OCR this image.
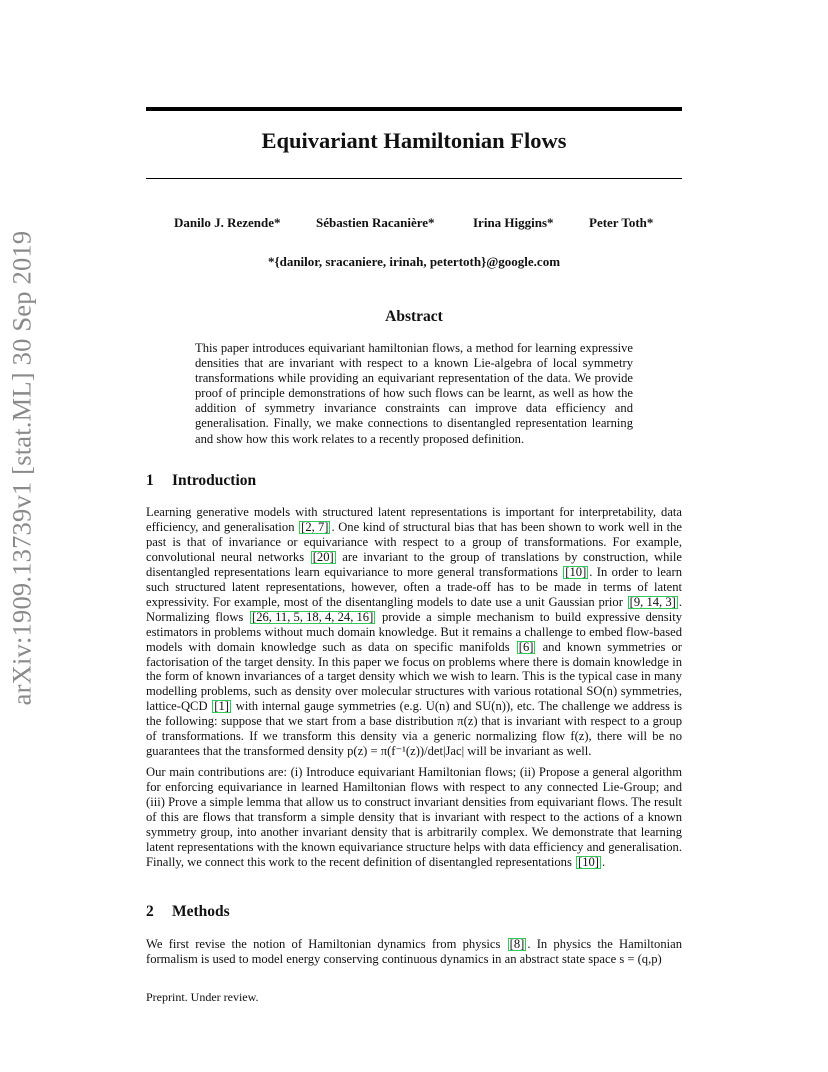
arXiv:1909.13739v1 [stat.ML] 30 Sep 2019
Equivariant Hamiltonian Flows
Danilo J. Rezende*	Sébastien Racanière*	Irina Higgins*	Peter Toth*
*{danilor, sracaniere, irinah, petertoth}@google.com
Abstract
This paper introduces equivariant hamiltonian flows, a method for learning expressive densities that are invariant with respect to a known Lie-algebra of local symmetry transformations while providing an equivariant representation of the data. We provide proof of principle demonstrations of how such flows can be learnt, as well as how the addition of symmetry invariance constraints can improve data efficiency and generalisation. Finally, we make connections to disentangled representation learning and show how this work relates to a recently proposed definition.
1 Introduction
Learning generative models with structured latent representations is important for interpretability, data efficiency, and generalisation [2, 7] . One kind of structural bias that has been shown to work well in the past is that of invariance or equivariance with respect to a group of transformations. For example, convolutional neural networks [20] are invariant to the group of translations by construction, while disentangled representations learn equivariance to more general transformations [10] . In order to learn such structured latent representations, however, often a trade-off has to be made in terms of latent expressivity. For example, most of the disentangling models to date use a unit Gaussian prior [9, 14, 3] . Normalizing flows [26, 11, 5, 18, 4, 24, 16] provide a simple mechanism to build expressive density estimators in problems without much domain knowledge. But it remains a challenge to embed flow-based models with domain knowledge such as data on specific manifolds [6] and known symmetries or factorisation of the target density. In this paper we focus on problems where there is domain knowledge in the form of known invariances of a target density which we wish to learn. This is the typical case in many modelling problems, such as density over molecular structures with various rotational SO(n) symmetries, lattice-QCD [1] with internal gauge symmetries (e.g. U(n) and SU(n)), etc. The challenge we address is the following: suppose that we start from a base distribution π(z) that is invariant with respect to a group of transformations. If we transform this density via a generic normalizing flow f(z), there will be no guarantees that the transformed density p(z) = π(f⁻¹(z))/det|Jac| will be invariant as well.
Our main contributions are: (i) Introduce equivariant Hamiltonian flows; (ii) Propose a general algorithm for enforcing equivariance in learned Hamiltonian flows with respect to any connected Lie-Group; and (iii) Prove a simple lemma that allow us to construct invariant densities from equivariant flows. The result of this are flows that transform a simple density that is invariant with respect to the actions of a known symmetry group, into another invariant density that is arbitrarily complex. We demonstrate that learning latent representations with the known equivariance structure helps with data efficiency and generalisation. Finally, we connect this work to the recent definition of disentangled representations [10] .
2 Methods
We first revise the notion of Hamiltonian dynamics from physics [8] . In physics the Hamiltonian formalism is used to model energy conserving continuous dynamics in an abstract state space s = (q,p)
Preprint. Under review.
